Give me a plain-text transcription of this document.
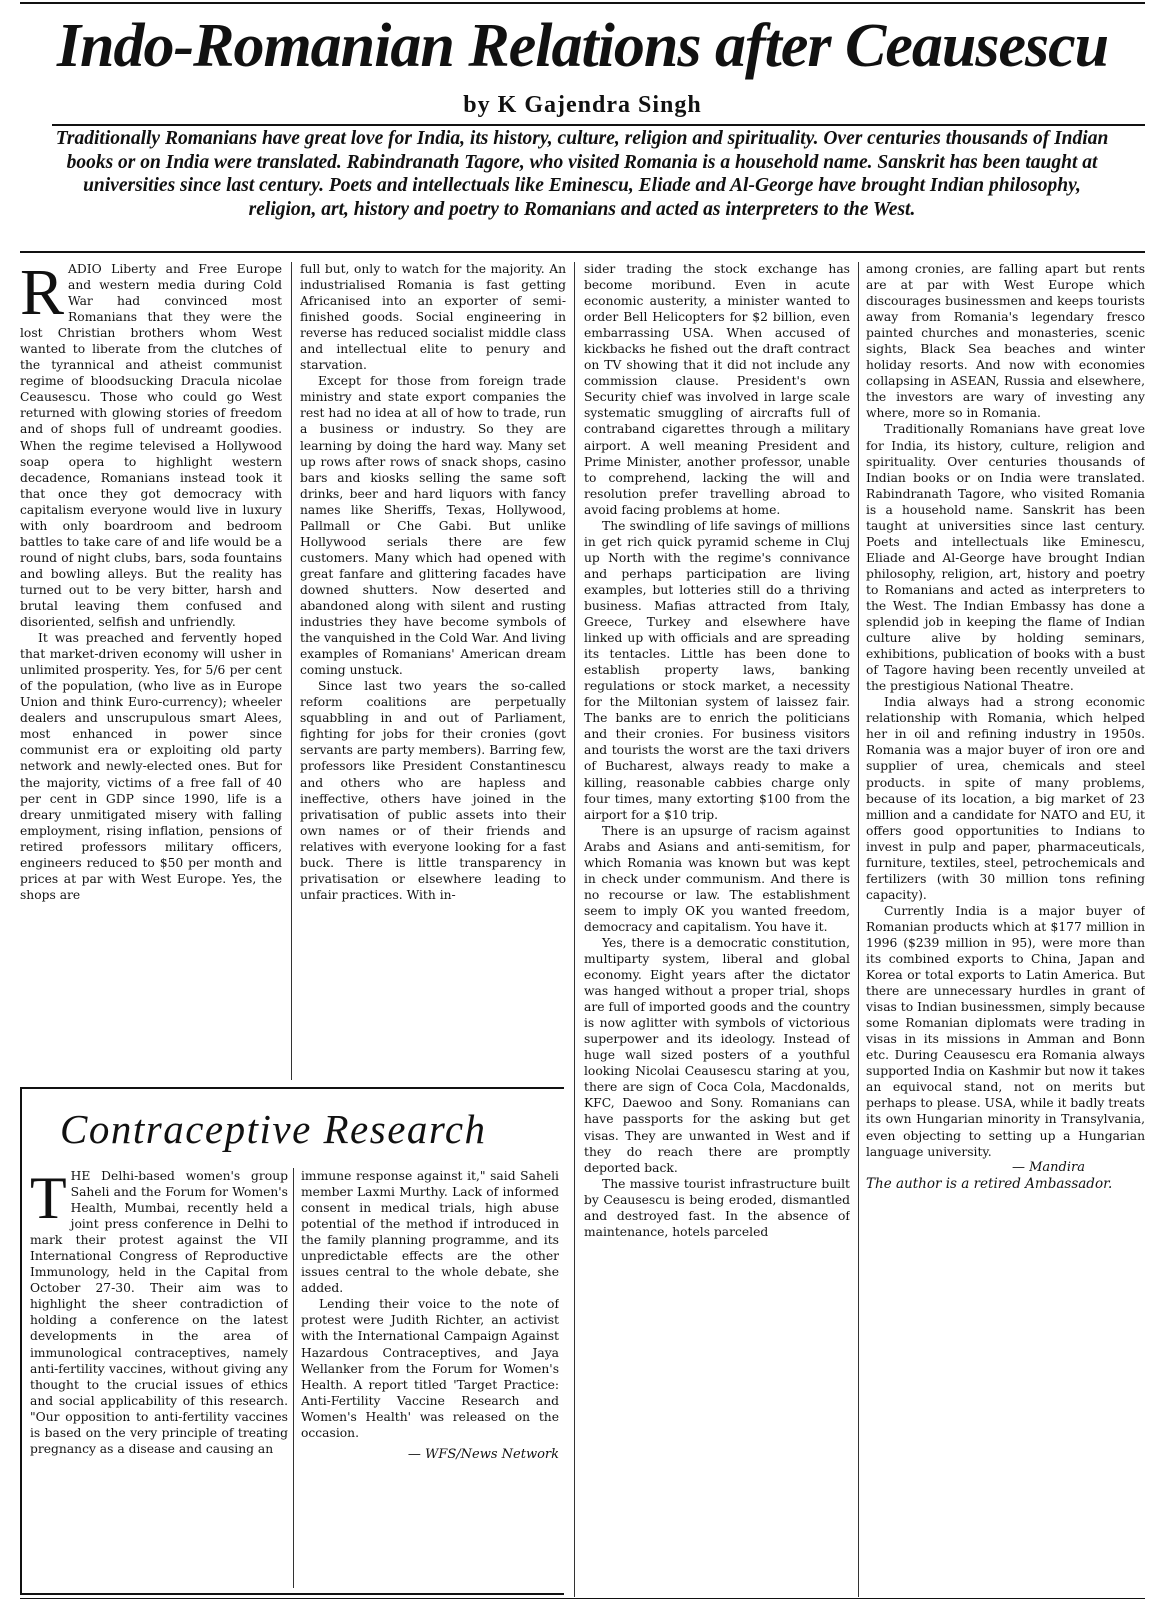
Indo-Romanian Relations after Ceausescu
by K Gajendra Singh

Traditionally Romanians have great love for India, its history, culture, religion and spirituality. Over centuries thousands of Indian books or on India were translated. Rabindranath Tagore, who visited Romania is a household name. Sanskrit has been taught at universities since last century. Poets and intellectuals like Eminescu, Eliade and Al-George have brought Indian philosophy, religion, art, history and poetry to Romanians and acted as interpreters to the West.

RADIO Liberty and Free Europe and western media during Cold War had convinced most Romanians that they were the lost Christian brothers whom West wanted to liberate from the clutches of the tyrannical and atheist communist regime of bloodsucking Dracula nicolae Ceausescu. Those who could go West returned with glowing stories of freedom and of shops full of undreamt goodies. When the regime televised a Hollywood soap opera to highlight western decadence, Romanians instead took it that once they got democracy with capitalism everyone would live in luxury with only boardroom and bedroom battles to take care of and life would be a round of night clubs, bars, soda fountains and bowling alleys. But the reality has turned out to be very bitter, harsh and brutal leaving them confused and disoriented, selfish and unfriendly.

It was preached and fervently hoped that market-driven economy will usher in unlimited prosperity. Yes, for 5/6 per cent of the population, (who live as in Europe Union and think Euro-currency); wheeler dealers and unscrupulous smart Alees, most enhanced in power since communist era or exploiting old party network and newly-elected ones. But for the majority, victims of a free fall of 40 per cent in GDP since 1990, life is a dreary unmitigated misery with falling employment, rising inflation, pensions of retired professors military officers, engineers reduced to $50 per month and prices at par with West Europe. Yes, the shops are

full but, only to watch for the majority. An industrialised Romania is fast getting Africanised into an exporter of semi-finished goods. Social engineering in reverse has reduced socialist middle class and intellectual elite to penury and starvation.

Except for those from foreign trade ministry and state export companies the rest had no idea at all of how to trade, run a business or industry. So they are learning by doing the hard way. Many set up rows after rows of snack shops, casino bars and kiosks selling the same soft drinks, beer and hard liquors with fancy names like Sheriffs, Texas, Hollywood, Pallmall or Che Gabi. But unlike Hollywood serials there are few customers. Many which had opened with great fanfare and glittering facades have downed shutters. Now deserted and abandoned along with silent and rusting industries they have become symbols of the vanquished in the Cold War. And living examples of Romanians' American dream coming unstuck.

Since last two years the so-called reform coalitions are perpetually squabbling in and out of Parliament, fighting for jobs for their cronies (govt servants are party members). Barring few, professors like President Constantinescu and others who are hapless and ineffective, others have joined in the privatisation of public assets into their own names or of their friends and relatives with everyone looking for a fast buck. There is little transparency in privatisation or elsewhere leading to unfair practices. With in-

sider trading the stock exchange has become moribund. Even in acute economic austerity, a minister wanted to order Bell Helicopters for $2 billion, even embarrassing USA. When accused of kickbacks he fished out the draft contract on TV showing that it did not include any commission clause. President's own Security chief was involved in large scale systematic smuggling of aircrafts full of contraband cigarettes through a military airport. A well meaning President and Prime Minister, another professor, unable to comprehend, lacking the will and resolution prefer travelling abroad to avoid facing problems at home.

The swindling of life savings of millions in get rich quick pyramid scheme in Cluj up North with the regime's connivance and perhaps participation are living examples, but lotteries still do a thriving business. Mafias attracted from Italy, Greece, Turkey and elsewhere have linked up with officials and are spreading its tentacles. Little has been done to establish property laws, banking regulations or stock market, a necessity for the Miltonian system of laissez fair. The banks are to enrich the politicians and their cronies. For business visitors and tourists the worst are the taxi drivers of Bucharest, always ready to make a killing, reasonable cabbies charge only four times, many extorting $100 from the airport for a $10 trip.

There is an upsurge of racism against Arabs and Asians and anti-semitism, for which Romania was known but was kept in check under communism. And there is no recourse or law. The establishment seem to imply OK you wanted freedom, democracy and capitalism. You have it.

Yes, there is a democratic constitution, multiparty system, liberal and global economy. Eight years after the dictator was hanged without a proper trial, shops are full of imported goods and the country is now aglitter with symbols of victorious superpower and its ideology. Instead of huge wall sized posters of a youthful looking Nicolai Ceausescu staring at you, there are sign of Coca Cola, Macdonalds, KFC, Daewoo and Sony. Romanians can have passports for the asking but get visas. They are unwanted in West and if they do reach there are promptly deported back.

The massive tourist infrastructure built by Ceausescu is being eroded, dismantled and destroyed fast. In the absence of maintenance, hotels parceled

among cronies, are falling apart but rents are at par with West Europe which discourages businessmen and keeps tourists away from Romania's legendary fresco painted churches and monasteries, scenic sights, Black Sea beaches and winter holiday resorts. And now with economies collapsing in ASEAN, Russia and elsewhere, the investors are wary of investing any where, more so in Romania.

Traditionally Romanians have great love for India, its history, culture, religion and spirituality. Over centuries thousands of Indian books or on India were translated. Rabindranath Tagore, who visited Romania is a household name. Sanskrit has been taught at universities since last century. Poets and intellectuals like Eminescu, Eliade and Al-George have brought Indian philosophy, religion, art, history and poetry to Romanians and acted as interpreters to the West. The Indian Embassy has done a splendid job in keeping the flame of Indian culture alive by holding seminars, exhibitions, publication of books with a bust of Tagore having been recently unveiled at the prestigious National Theatre.

India always had a strong economic relationship with Romania, which helped her in oil and refining industry in 1950s. Romania was a major buyer of iron ore and supplier of urea, chemicals and steel products. in spite of many problems, because of its location, a big market of 23 million and a candidate for NATO and EU, it offers good opportunities to Indians to invest in pulp and paper, pharmaceuticals, furniture, textiles, steel, petrochemicals and fertilizers (with 30 million tons refining capacity).

Currently India is a major buyer of Romanian products which at $177 million in 1996 ($239 million in 95), were more than its combined exports to China, Japan and Korea or total exports to Latin America. But there are unnecessary hurdles in grant of visas to Indian businessmen, simply because some Romanian diplomats were trading in visas in its missions in Amman and Bonn etc. During Ceausescu era Romania always supported India on Kashmir but now it takes an equivocal stand, not on merits but perhaps to please. USA, while it badly treats its own Hungarian minority in Transylvania, even objecting to setting up a Hungarian language university.

— Mandira

The author is a retired Ambassador.

Contraceptive Research

THE Delhi-based women's group Saheli and the Forum for Women's Health, Mumbai, recently held a joint press conference in Delhi to mark their protest against the VII International Congress of Reproductive Immunology, held in the Capital from October 27-30. Their aim was to highlight the sheer contradiction of holding a conference on the latest developments in the area of immunological contraceptives, namely anti-fertility vaccines, without giving any thought to the crucial issues of ethics and social applicability of this research. "Our opposition to anti-fertility vaccines is based on the very principle of treating pregnancy as a disease and causing an

immune response against it," said Saheli member Laxmi Murthy. Lack of informed consent in medical trials, high abuse potential of the method if introduced in the family planning programme, and its unpredictable effects are the other issues central to the whole debate, she added.

Lending their voice to the note of protest were Judith Richter, an activist with the International Campaign Against Hazardous Contraceptives, and Jaya Wellanker from the Forum for Women's Health. A report titled 'Target Practice: Anti-Fertility Vaccine Research and Women's Health' was released on the occasion.

— WFS/News Network
